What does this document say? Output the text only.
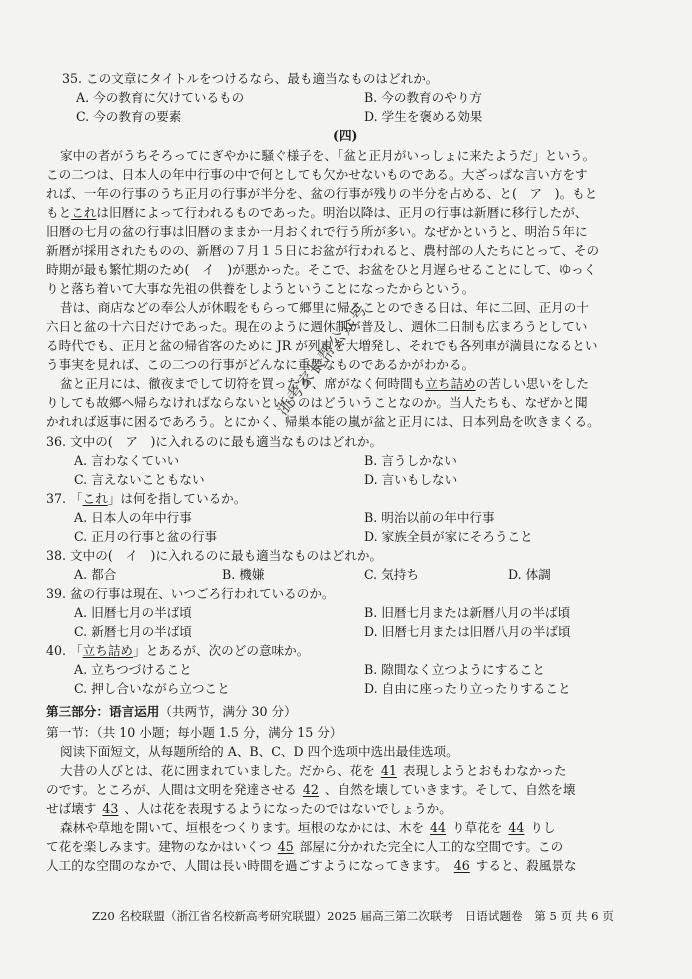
35. この文章にタイトルをつけるなら、最も適当なものはどれか。
A. 今の教育に欠けているもの	B. 今の教育のやり方
C. 今の教育の要素	D. 学生を褒める効果
(四)
家中の者がうちそろってにぎやかに騒ぐ様子を、「盆と正月がいっしょに来たようだ」という。
この二つは、日本人の年中行事の中で何としても欠かせないものである。大ざっぱな言い方をす
れば、一年の行事のうち正月の行事が半分を、盆の行事が残りの半分を占める、と(　ア　)。もと
もとこれは旧暦によって行われるものであった。明治以降は、正月の行事は新暦に移行したが、
旧暦の七月の盆の行事は旧暦のままか一月おくれで行う所が多い。なぜかというと、明治５年に
新暦が採用されたものの、新暦の７月１５日にお盆が行われると、農村部の人たちにとって、その
時期が最も繁忙期のため(　イ　)が悪かった。そこで、お盆をひと月遅らせることにして、ゆっく
りと落ち着いて大事な先祖の供養をしようということになったからという。
昔は、商店などの奉公人が休暇をもらって郷里に帰ることのできる日は、年に二回、正月の十
六日と盆の十六日だけであった。現在のように週休制が普及し、週休二日制も広まろうとしてい
る時代でも、正月と盆の帰省客のために JR が列車を大増発し、それでも各列車が満員になるとい
う事実を見れば、この二つの行事がどんなに重要なものであるかがわかる。
盆と正月には、徹夜までして切符を買ったり、席がなく何時間も立ち詰めの苦しい思いをした
りしても故郷へ帰らなければならないというのはどういうことなのか。当人たちも、なぜかと聞
かれれば返事に困るであろう。とにかく、帰巣本能の嵐が盆と正月には、日本列島を吹きまくる。
36. 文中の(　ア　)に入れるのに最も適当なものはどれか。
A. 言わなくていい	B. 言うしかない
C. 言えないこともない	D. 言いもしない
37. 「これ」は何を指しているか。
A. 日本人の年中行事	B. 明治以前の年中行事
C. 正月の行事と盆の行事	D. 家族全員が家にそろうこと
38. 文中の(　イ　)に入れるのに最も適当なものはどれか。
A. 都合	B. 機嫌	C. 気持ち	D. 体調
39. 盆の行事は現在、いつごろ行われているのか。
A. 旧暦七月の半ば頃	B. 旧暦七月または新暦八月の半ば頃
C. 新暦七月の半ば頃	D. 旧暦七月または旧暦八月の半ば頃
40. 「立ち詰め」とあるが、次のどの意味か。
A. 立ちつづけること	B. 隙間なく立つようにすること
C. 押し合いながら立つこと	D. 自由に座ったり立ったりすること
第三部分：语言运用（共两节，满分 30 分）
第一节：（共 10 小题；每小题 1.5 分，满分 15 分）
阅读下面短文，从每题所给的 A、B、C、D 四个选项中选出最佳选项。
大昔の人びとは、花に囲まれていました。だから、花を 41 表現しようとおもわなかった
のです。ところが、人間は文明を発達させる 42 、自然を壊していきます。そして、自然を壊
せば壊す 43 、人は花を表現するようになったのではないでしょうか。
森林や草地を開いて、垣根をつくります。垣根のなかには、木を 44 り草花を 44 りし
て花を楽しみます。建物のなかはいくつ 45 部屋に分かれた完全に人工的な空間です。この
人工的な空間のなかで、人間は長い時間を過ごすようになってきます。 46 すると、殺風景な
Z20 名校联盟（浙江省名校新高考研究联盟）2025 届高三第二次联考　日语试题卷　第 5 页 共 6 页
浙考家长帮公众号
